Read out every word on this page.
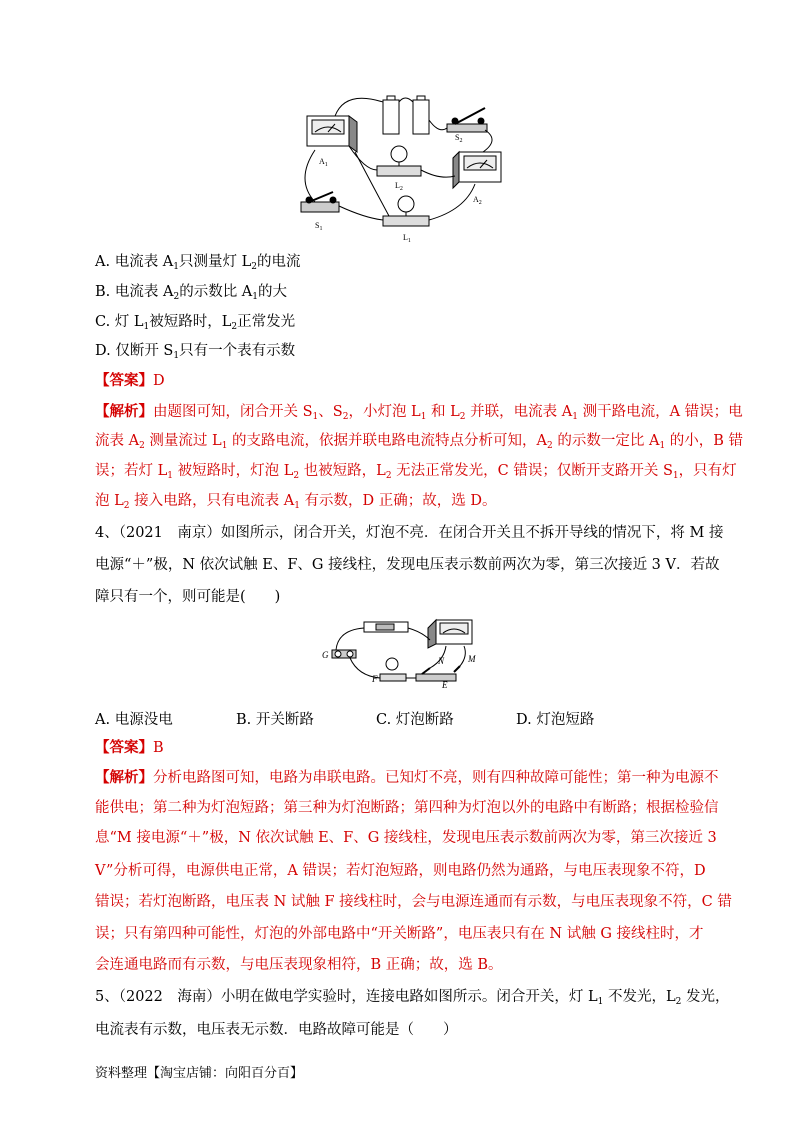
$A_1$
$S_2$
$L_2$
$A_2$
$S_1$
$L_1$
A. 电流表 $A_1$只测量灯 $L_2$的电流
B. 电流表 $A_2$的示数比 $A_1$的大
C. 灯 $L_1$被短路时，$L_2$正常发光
D. 仅断开 $S_1$只有一个表有示数
【答案】D
【解析】由题图可知，闭合开关 $S_1$、$S_2$，小灯泡 $L_1$ 和 $L_2$ 并联，电流表 $A_1$ 测干路电流，A 错误；电
流表 $A_2$ 测量流过 $L_1$ 的支路电流，依据并联电路电流特点分析可知，$A_2$ 的示数一定比 $A_1$ 的小，B 错
误；若灯 $L_1$ 被短路时，灯泡 $L_2$ 也被短路，$L_2$ 无法正常发光，C 错误；仅断开支路开关 $S_1$，只有灯
泡 $L_2$ 接入电路，只有电流表 $A_1$ 有示数，D 正确；故，选 D。
4、（2021　南京）如图所示，闭合开关，灯泡不亮．在闭合开关且不拆开导线的情况下，将 M 接
电源“＋”极，N 依次试触 E、F、G 接线柱，发现电压表示数前两次为零，第三次接近 3 V．若故
障只有一个，则可能是(　　)
G
F
E
N	M
A. 电源没电	B. 开关断路	C. 灯泡断路	D. 灯泡短路
【答案】B
【解析】分析电路图可知，电路为串联电路。已知灯不亮，则有四种故障可能性；第一种为电源不
能供电；第二种为灯泡短路；第三种为灯泡断路；第四种为灯泡以外的电路中有断路；根据检验信
息“M 接电源“＋”极，N 依次试触 E、F、G 接线柱，发现电压表示数前两次为零，第三次接近 3
V”分析可得，电源供电正常，A 错误；若灯泡短路，则电路仍然为通路，与电压表现象不符，D
错误；若灯泡断路，电压表 N 试触 F 接线柱时，会与电源连通而有示数，与电压表现象不符，C 错
误；只有第四种可能性，灯泡的外部电路中“开关断路”，电压表只有在 N 试触 G 接线柱时，才
会连通电路而有示数，与电压表现象相符，B 正确；故，选 B。
5、（2022　海南）小明在做电学实验时，连接电路如图所示。闭合开关，灯 $L_1$ 不发光，$L_2$ 发光，
电流表有示数，电压表无示数．电路故障可能是（　　）
资料整理【淘宝店铺：向阳百分百】
